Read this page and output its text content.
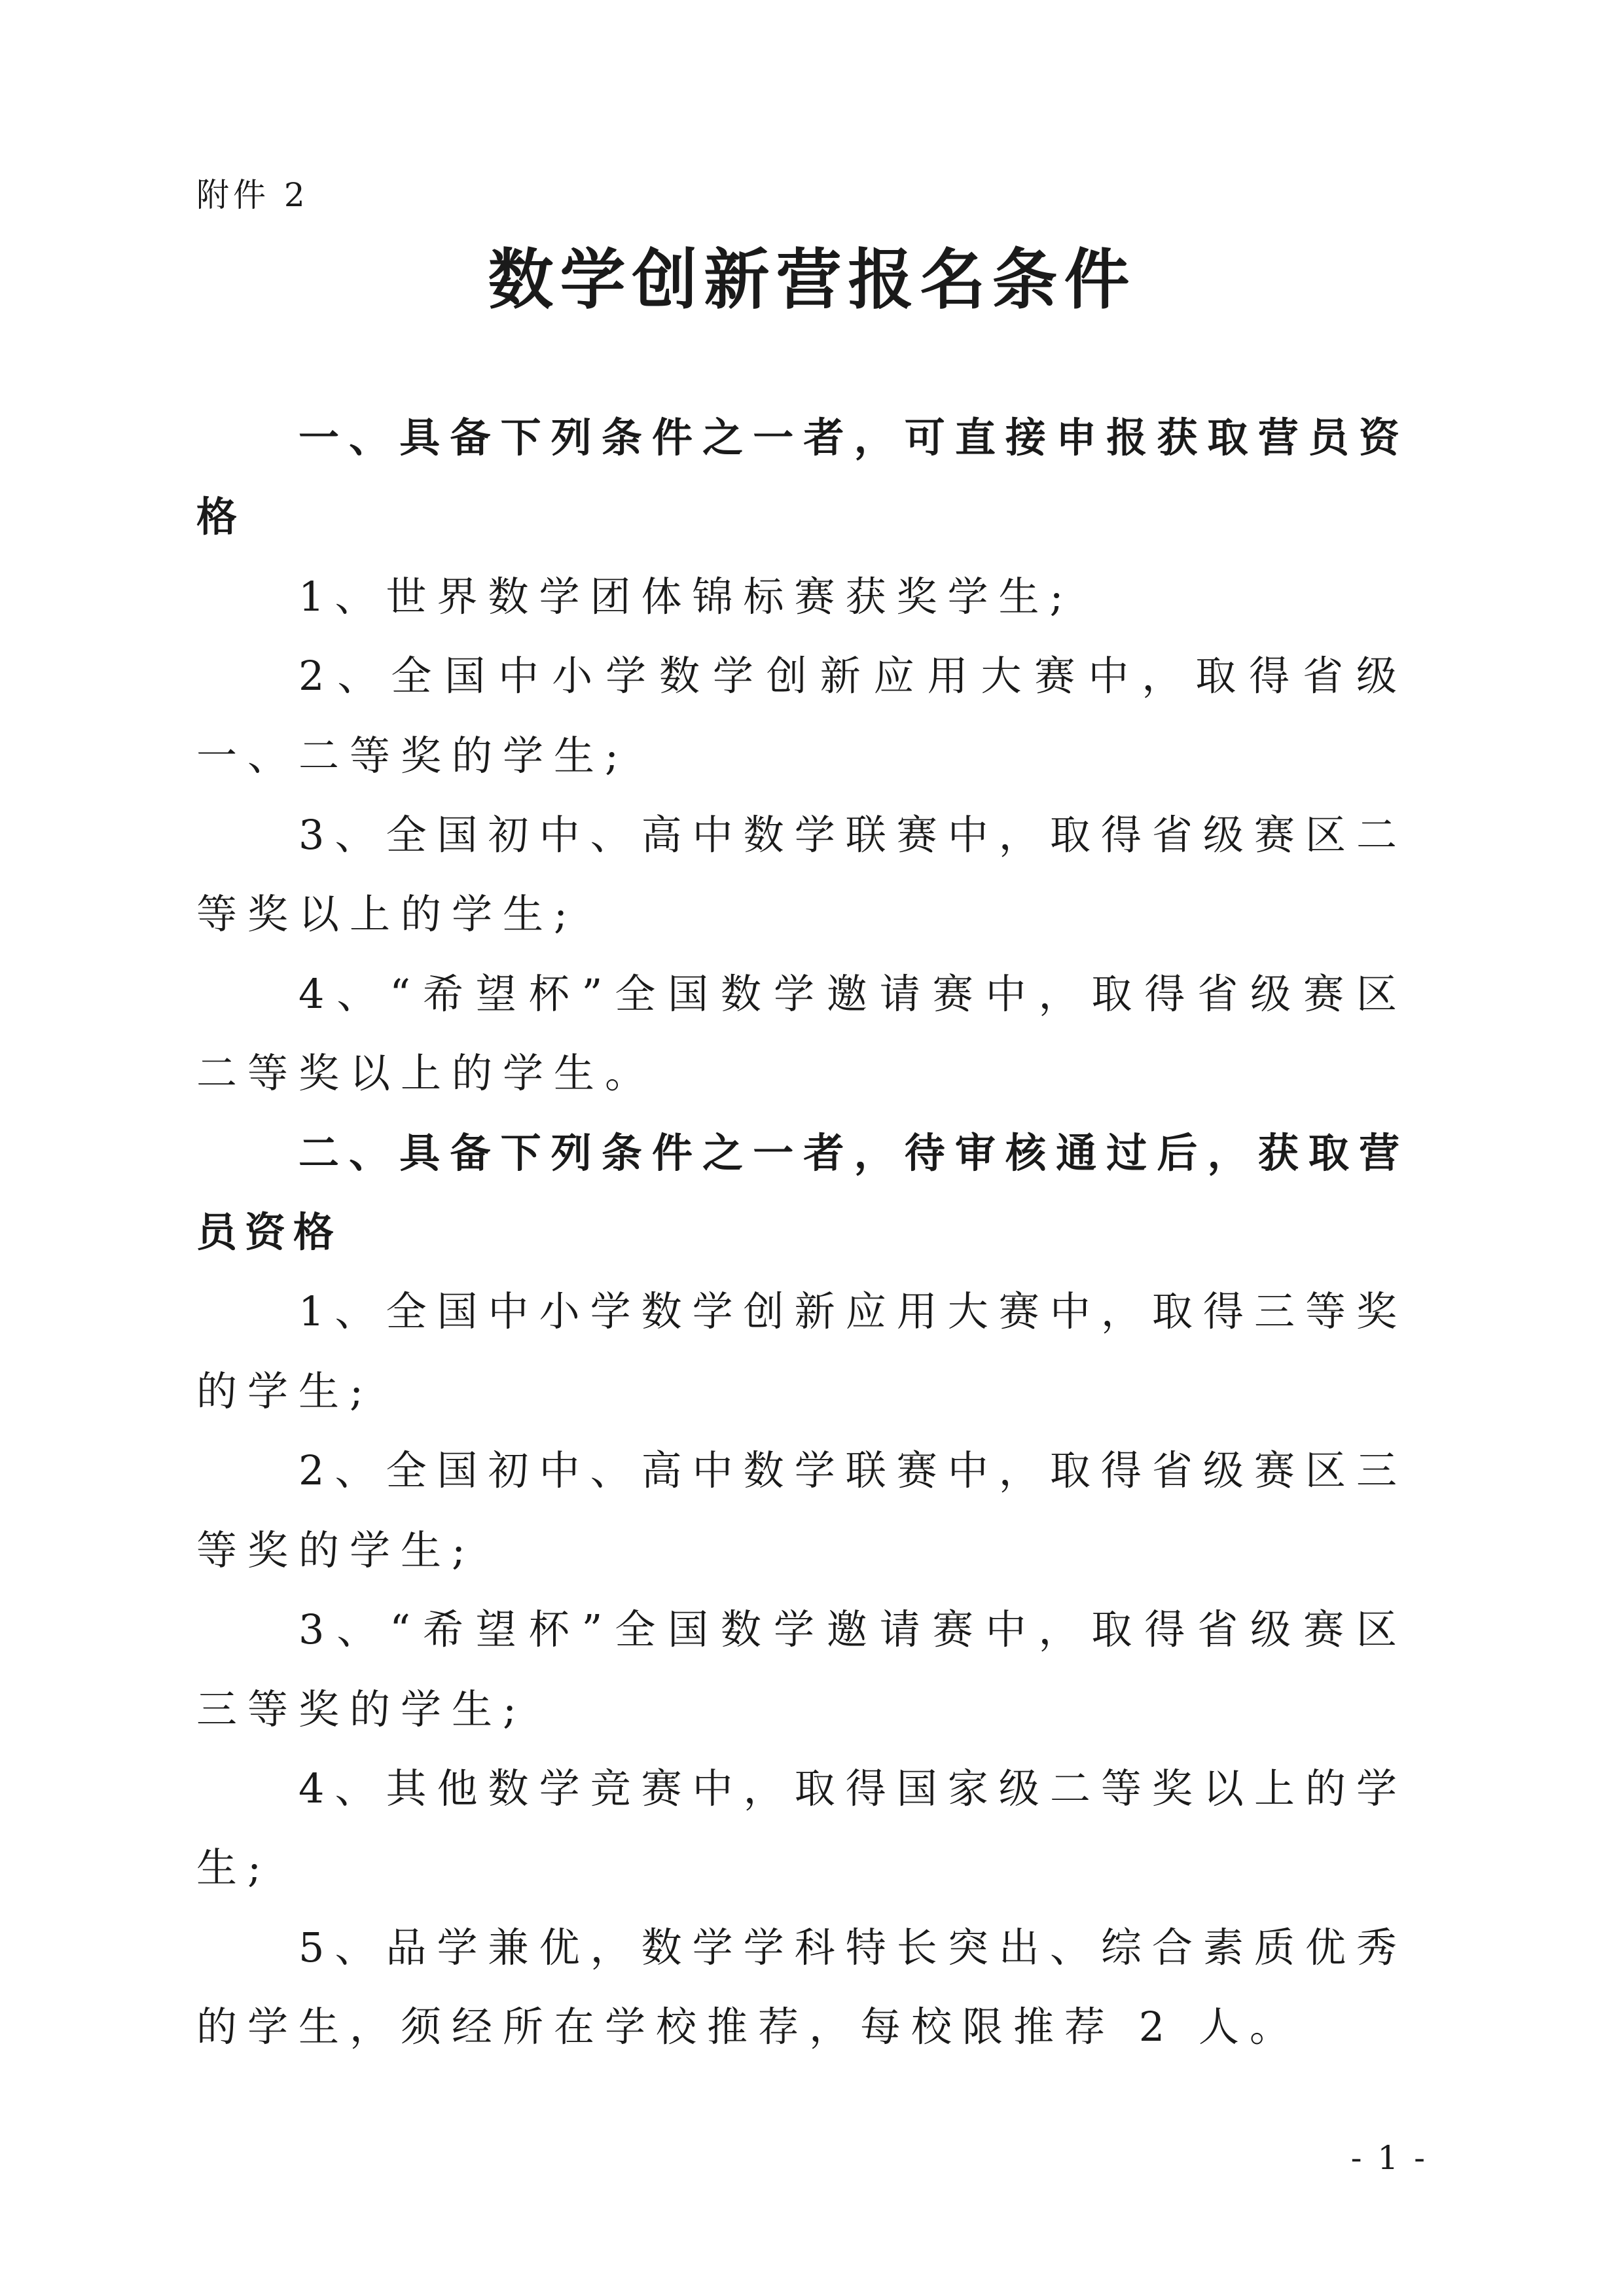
附件 2
数学创新营报名条件

一、具备下列条件之一者，可直接申报获取营员资格

1、世界数学团体锦标赛获奖学生;

2、全国中小学数学创新应用大赛中，取得省级一、二等奖的学生;

3、全国初中、高中数学联赛中，取得省级赛区二等奖以上的学生;

4、“希望杯”全国数学邀请赛中，取得省级赛区二等奖以上的学生。

二、具备下列条件之一者，待审核通过后，获取营员资格

1、全国中小学数学创新应用大赛中，取得三等奖的学生;

2、全国初中、高中数学联赛中，取得省级赛区三等奖的学生;

3、“希望杯”全国数学邀请赛中，取得省级赛区三等奖的学生;

4、其他数学竞赛中，取得国家级二等奖以上的学生;

5、品学兼优，数学学科特长突出、综合素质优秀的学生，须经所在学校推荐，每校限推荐 2 人。

- 1 -
